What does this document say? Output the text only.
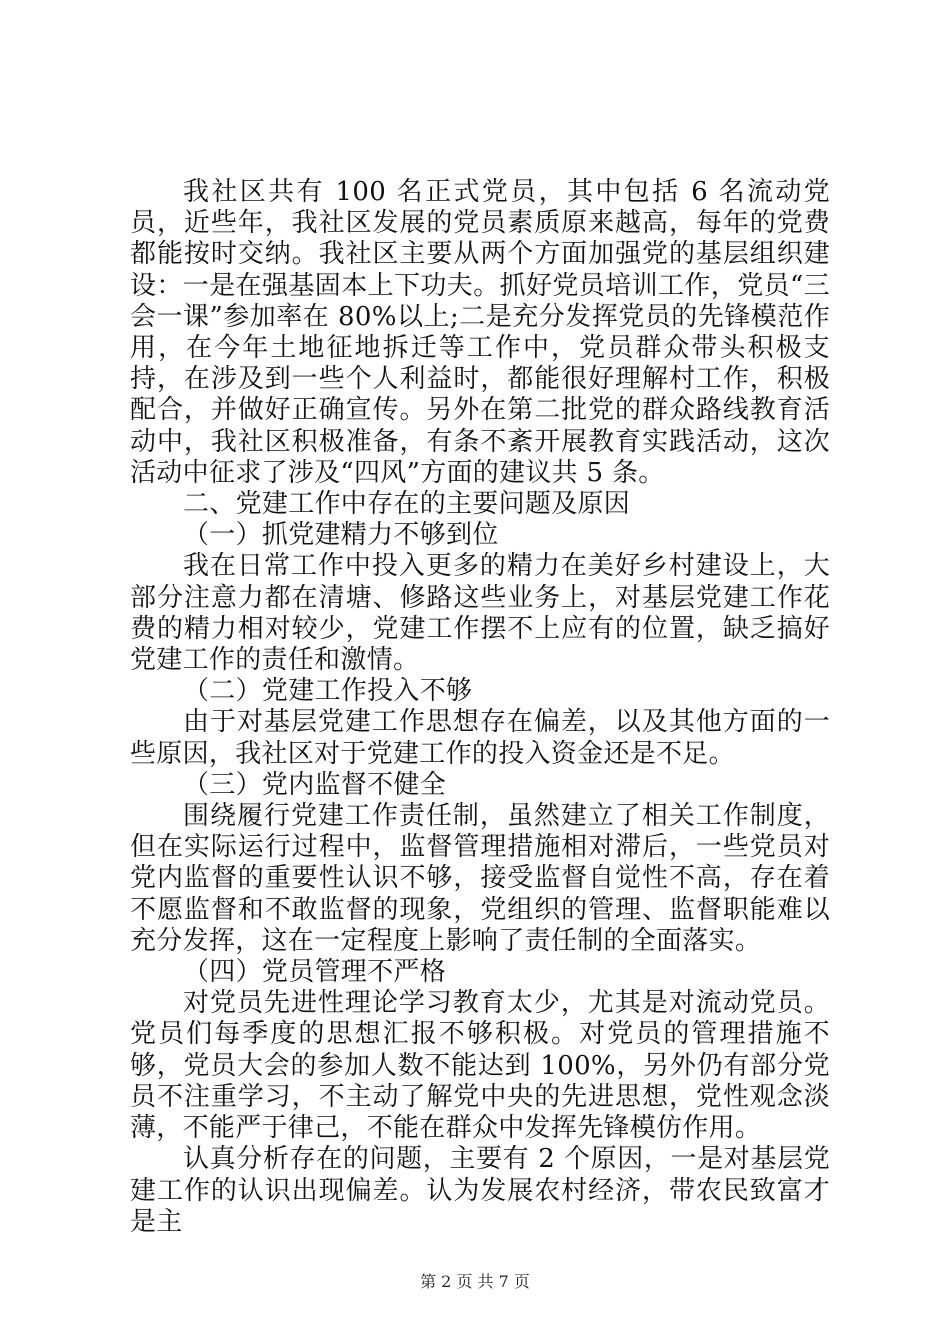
我社区共有 100 名正式党员，其中包括 6 名流动党员，近些年，我社区发展的党员素质原来越高，每年的党费都能按时交纳。我社区主要从两个方面加强党的基层组织建设：一是在强基固本上下功夫。抓好党员培训工作，党员“三会一课”参加率在 80%以上;二是充分发挥党员的先锋模范作用，在今年土地征地拆迁等工作中，党员群众带头积极支持，在涉及到一些个人利益时，都能很好理解村工作，积极配合，并做好正确宣传。另外在第二批党的群众路线教育活动中，我社区积极准备，有条不紊开展教育实践活动，这次活动中征求了涉及“四风”方面的建议共 5 条。

二、党建工作中存在的主要问题及原因

（一）抓党建精力不够到位

我在日常工作中投入更多的精力在美好乡村建设上，大部分注意力都在清塘、修路这些业务上，对基层党建工作花费的精力相对较少，党建工作摆不上应有的位置，缺乏搞好党建工作的责任和激情。

（二）党建工作投入不够

由于对基层党建工作思想存在偏差，以及其他方面的一些原因，我社区对于党建工作的投入资金还是不足。

（三）党内监督不健全

围绕履行党建工作责任制，虽然建立了相关工作制度，但在实际运行过程中，监督管理措施相对滞后，一些党员对党内监督的重要性认识不够，接受监督自觉性不高，存在着不愿监督和不敢监督的现象，党组织的管理、监督职能难以充分发挥，这在一定程度上影响了责任制的全面落实。

（四）党员管理不严格

对党员先进性理论学习教育太少，尤其是对流动党员。党员们每季度的思想汇报不够积极。对党员的管理措施不够，党员大会的参加人数不能达到 100%，另外仍有部分党员不注重学习，不主动了解党中央的先进思想，党性观念淡薄，不能严于律己，不能在群众中发挥先锋模仿作用。

认真分析存在的问题，主要有 2 个原因，一是对基层党建工作的认识出现偏差。认为发展农村经济，带农民致富才是主

第 2 页 共 7 页
